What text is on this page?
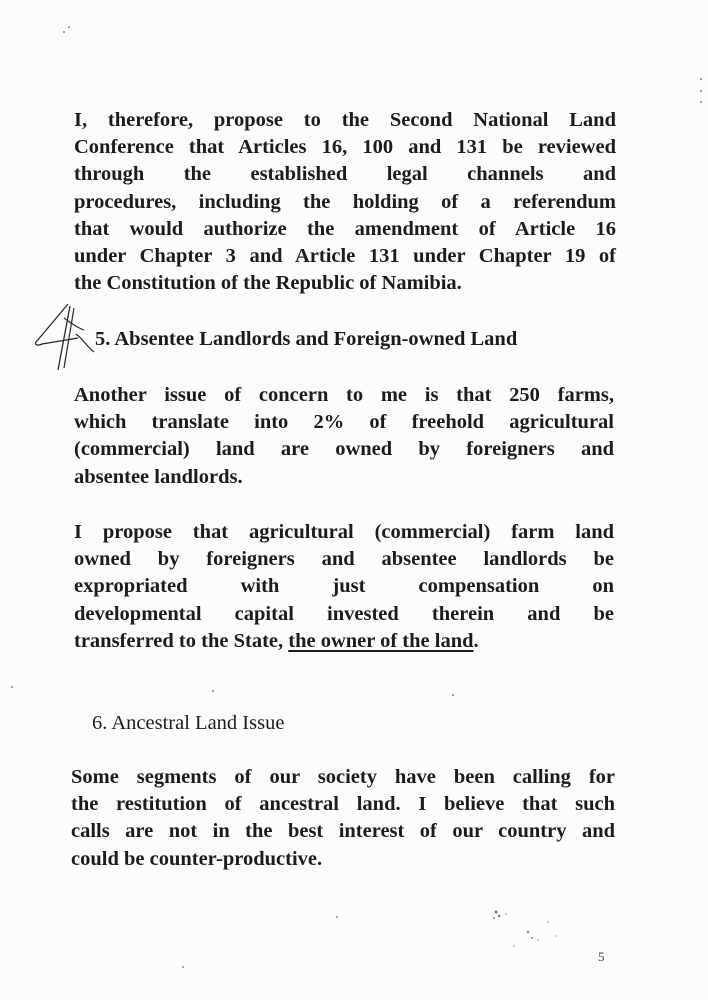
I, therefore, propose to the Second National Land
Conference that Articles 16, 100 and 131 be reviewed
through the established legal channels and
procedures, including the holding of a referendum
that would authorize the amendment of Article 16
under Chapter 3 and Article 131 under Chapter 19 of
the Constitution of the Republic of Namibia.
5. Absentee Landlords and Foreign-owned Land
Another issue of concern to me is that 250 farms,
which translate into 2% of freehold agricultural
(commercial) land are owned by foreigners and
absentee landlords.
I propose that agricultural (commercial) farm land
owned by foreigners and absentee landlords be
expropriated with just compensation on
developmental capital invested therein and be
transferred to the State, the owner of the land.
6. Ancestral Land Issue
Some segments of our society have been calling for
the restitution of ancestral land. I believe that such
calls are not in the best interest of our country and
could be counter-productive.
5
